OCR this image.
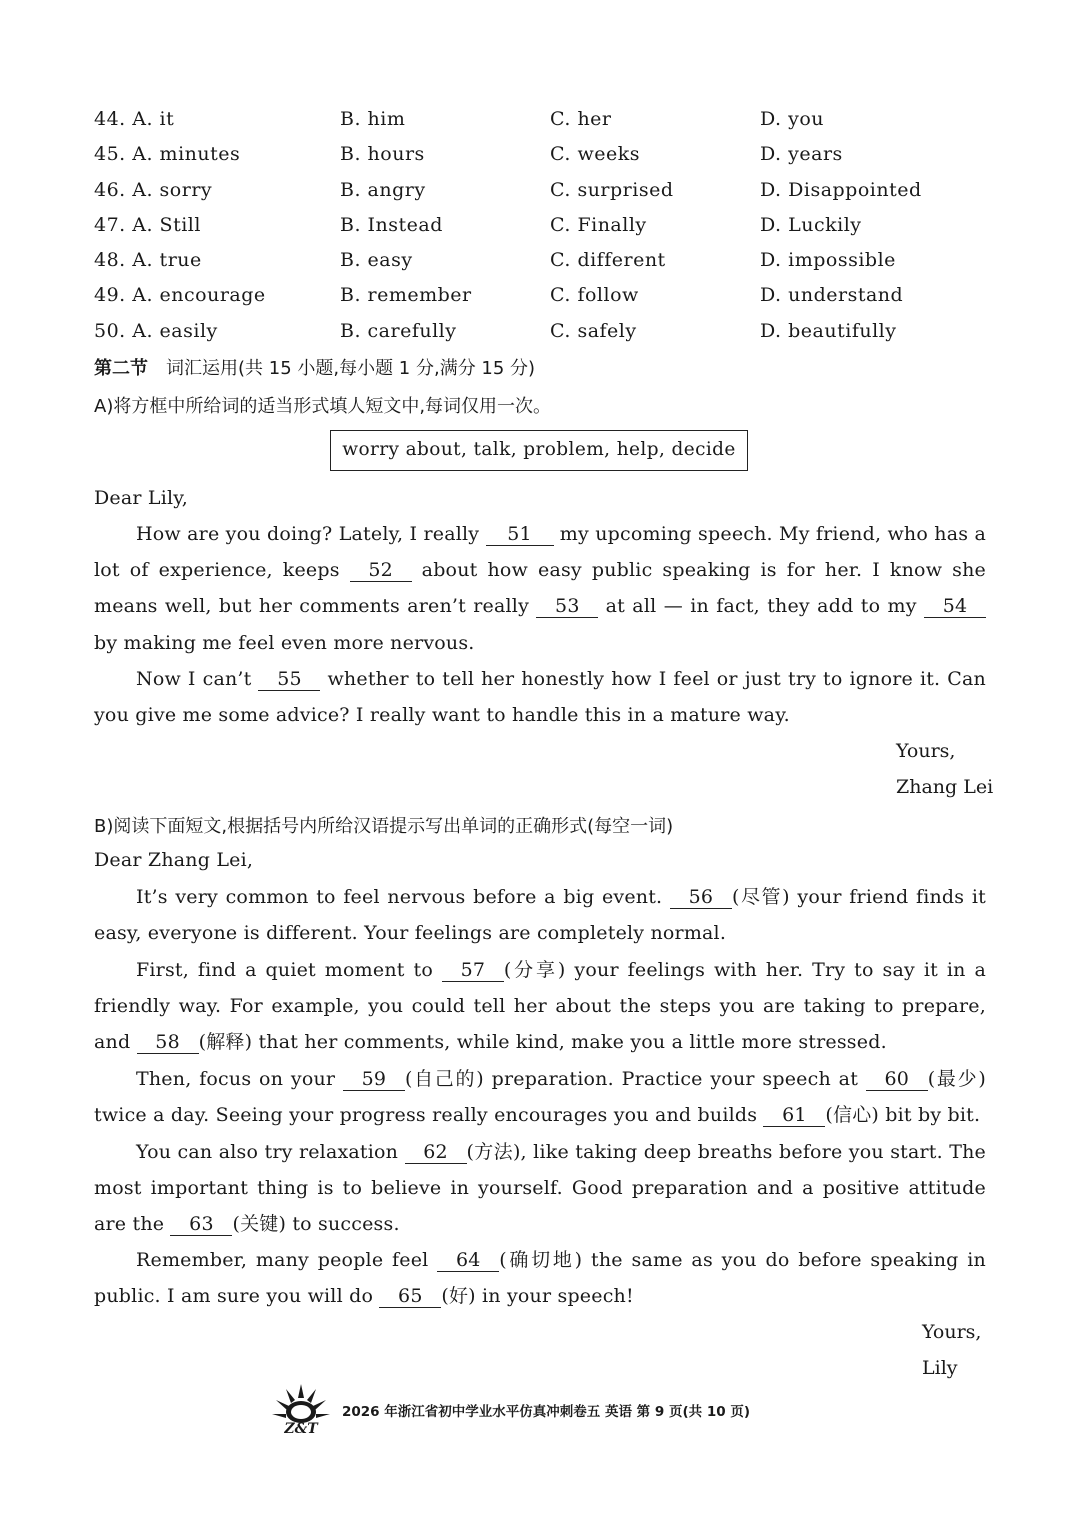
44. A. it	B. him	C. her	D. you
45. A. minutes	B. hours	C. weeks	D. years
46. A. sorry	B. angry	C. surprised	D. Disappointed
47. A. Still	B. Instead	C. Finally	D. Luckily
48. A. true	B. easy	C. different	D. impossible
49. A. encourage	B. remember	C. follow	D. understand
50. A. easily	B. carefully	C. safely	D. beautifully
第二节 词汇运用(共 15 小题,每小题 1 分,满分 15 分)
A)将方框中所给词的适当形式填人短文中,每词仅用一次。
worry about, talk, problem, help, decide
Dear Lily,
How are you doing? Lately, I really 51 my upcoming speech. My friend, who has a lot of experience, keeps 52 about how easy public speaking is for her. I know she means well, but her comments aren’t really 53 at all — in fact, they add to my 54 by making me feel even more nervous.
Now I can’t 55 whether to tell her honestly how I feel or just try to ignore it. Can you give me some advice? I really want to handle this in a mature way.
Yours,
Zhang Lei
B)阅读下面短文,根据括号内所给汉语提示写出单词的正确形式(每空一词)
Dear Zhang Lei,
It’s very common to feel nervous before a big event. 56 (尽管) your friend finds it easy, everyone is different. Your feelings are completely normal.
First, find a quiet moment to 57 (分享) your feelings with her. Try to say it in a friendly way. For example, you could tell her about the steps you are taking to prepare, and 58 (解释) that her comments, while kind, make you a little more stressed.
Then, focus on your 59 (自己的) preparation. Practice your speech at 60 (最少) twice a day. Seeing your progress really encourages you and builds 61 (信心) bit by bit.
You can also try relaxation 62 (方法), like taking deep breaths before you start. The most important thing is to believe in yourself. Good preparation and a positive attitude are the 63 (关键) to success.
Remember, many people feel 64 (确切地) the same as you do before speaking in public. I am sure you will do 65 (好) in your speech!
Yours,
Lily
Z&T
2026 年浙江省初中学业水平仿真冲刺卷五 英语 第 9 页(共 10 页)
